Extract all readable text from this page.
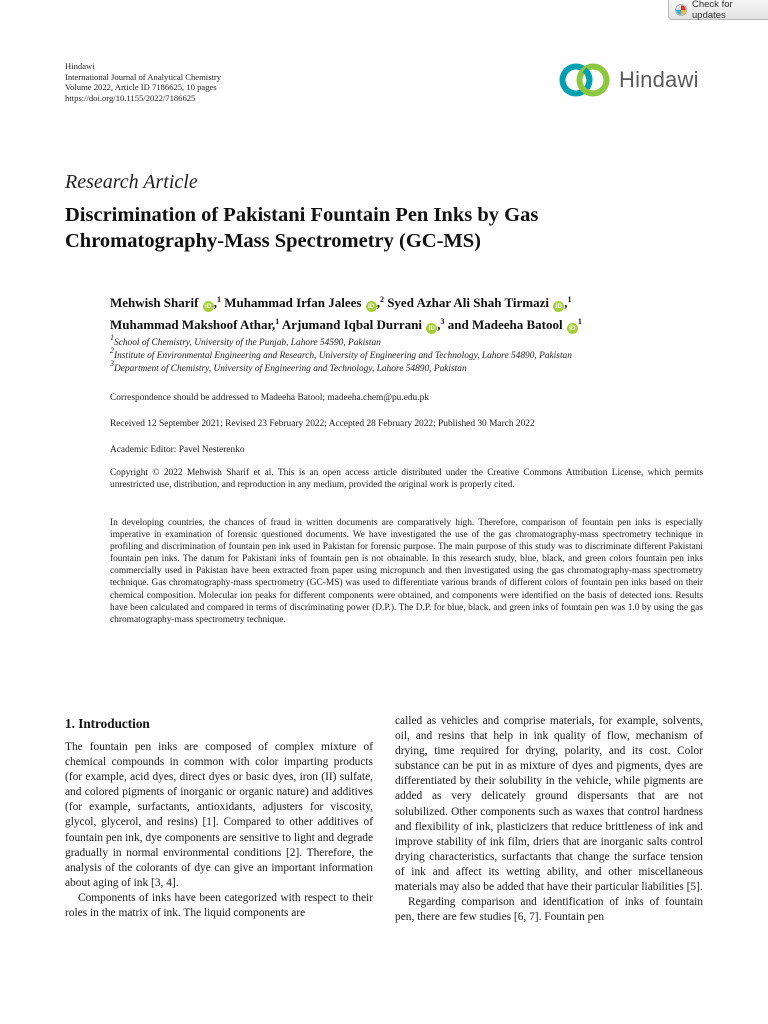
Check for updates
Hindawi
International Journal of Analytical Chemistry
Volume 2022, Article ID 7186625, 10 pages
https://doi.org/10.1155/2022/7186625
Hindawi
Research Article
Discrimination of Pakistani Fountain Pen Inks by Gas Chromatography-Mass Spectrometry (GC-MS)
Mehwish Sharif iD ,$^1$ Muhammad Irfan Jalees iD ,$^2$ Syed Azhar Ali Shah Tirmazi iD ,$^1$
Muhammad Makshoof Athar,$^1$ Arjumand Iqbal Durrani iD ,$^3$ and Madeeha Batool $iD^1$
$^1$School of Chemistry, University of the Punjab, Lahore 54590, Pakistan
$^2$Institute of Environmental Engineering and Research, University of Engineering and Technology, Lahore 54890, Pakistan
$^3$Department of Chemistry, University of Engineering and Technology, Lahore 54890, Pakistan
Correspondence should be addressed to Madeeha Batool; madeeha.chem@pu.edu.pk
Received 12 September 2021; Revised 23 February 2022; Accepted 28 February 2022; Published 30 March 2022
Academic Editor: Pavel Nesterenko
Copyright © 2022 Mehwish Sharif et al. This is an open access article distributed under the Creative Commons Attribution License, which permits unrestricted use, distribution, and reproduction in any medium, provided the original work is properly cited.
In developing countries, the chances of fraud in written documents are comparatively high. Therefore, comparison of fountain pen inks is especially imperative in examination of forensic questioned documents. We have investigated the use of the gas chromatography-mass spectrometry technique in profiling and discrimination of fountain pen ink used in Pakistan for forensic purpose. The main purpose of this study was to discriminate different Pakistani fountain pen inks. The datum for Pakistani inks of fountain pen is not obtainable. In this research study, blue, black, and green colors fountain pen inks commercially used in Pakistan have been extracted from paper using micropunch and then investigated using the gas chromatography-mass spectrometry technique. Gas chromatography-mass spectrometry (GC-MS) was used to differentiate various brands of different colors of fountain pen inks based on their chemical composition. Molecular ion peaks for different components were obtained, and components were identified on the basis of detected ions. Results have been calculated and compared in terms of discriminating power (D.P.). The D.P. for blue, black, and green inks of fountain pen was 1.0 by using the gas chromatography-mass spectrometry technique.
1. Introduction

The fountain pen inks are composed of complex mixture of chemical compounds in common with color imparting products (for example, acid dyes, direct dyes or basic dyes, iron (II) sulfate, and colored pigments of inorganic or organic nature) and additives (for example, surfactants, antioxidants, adjusters for viscosity, glycol, glycerol, and resins) [1]. Compared to other additives of fountain pen ink, dye components are sensitive to light and degrade gradually in normal environmental conditions [2]. Therefore, the analysis of the colorants of dye can give an important information about aging of ink [3, 4].

Components of inks have been categorized with respect to their roles in the matrix of ink. The liquid components are

called as vehicles and comprise materials, for example, solvents, oil, and resins that help in ink quality of flow, mechanism of drying, time required for drying, polarity, and its cost. Color substance can be put in as mixture of dyes and pigments, dyes are differentiated by their solubility in the vehicle, while pigments are added as very delicately ground dispersants that are not solubilized. Other components such as waxes that control hardness and flexibility of ink, plasticizers that reduce brittleness of ink and improve stability of ink film, driers that are inorganic salts control drying characteristics, surfactants that change the surface tension of ink and affect its wetting ability, and other miscellaneous materials may also be added that have their particular liabilities [5].

Regarding comparison and identification of inks of fountain pen, there are few studies [6, 7]. Fountain pen
